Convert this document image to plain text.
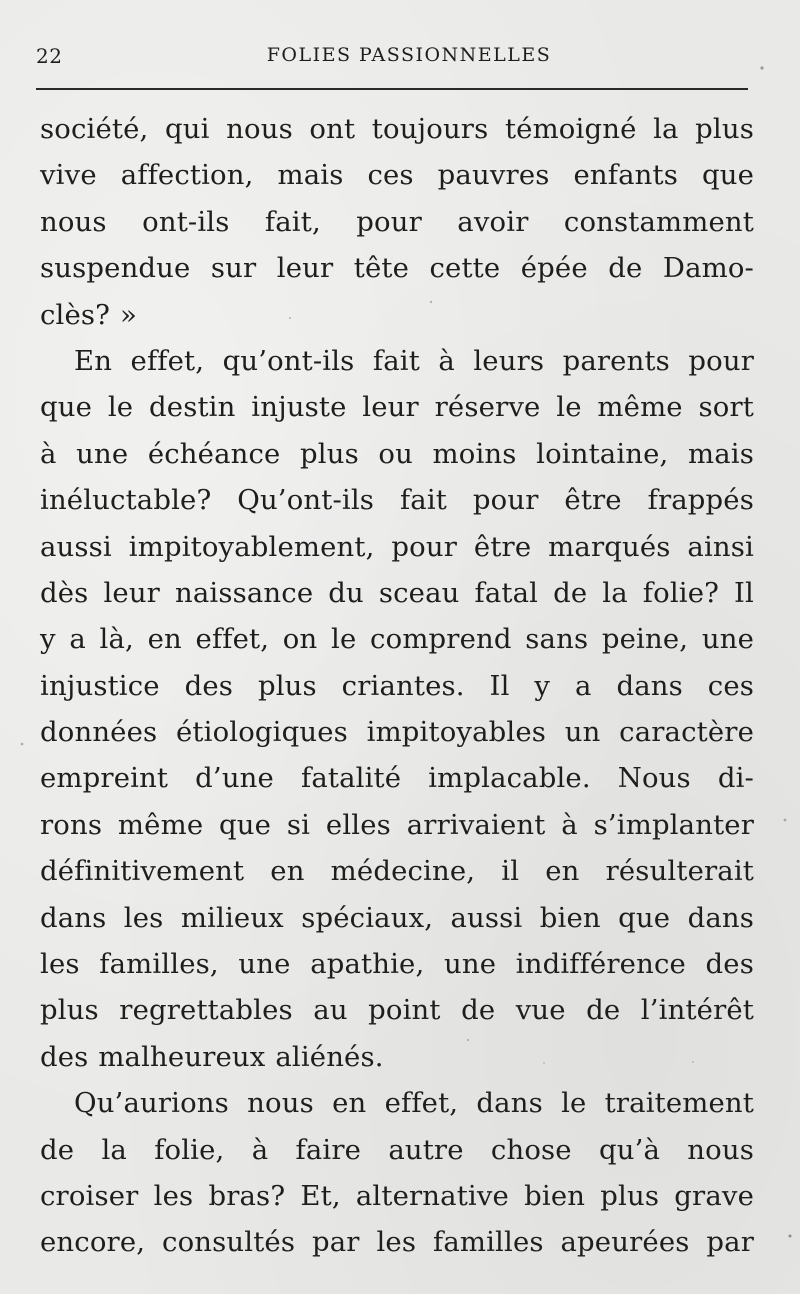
22	FOLIES PASSIONNELLES
société, qui nous ont toujours témoigné la plus
vive affection, mais ces pauvres enfants que
nous ont-ils fait, pour avoir constamment
suspendue sur leur tête cette épée de Damo-
clès? »
En effet, qu’ont-ils fait à leurs parents pour
que le destin injuste leur réserve le même sort
à une échéance plus ou moins lointaine, mais
inéluctable? Qu’ont-ils fait pour être frappés
aussi impitoyablement, pour être marqués ainsi
dès leur naissance du sceau fatal de la folie? Il
y a là, en effet, on le comprend sans peine, une
injustice des plus criantes. Il y a dans ces
données étiologiques impitoyables un caractère
empreint d’une fatalité implacable. Nous di-
rons même que si elles arrivaient à s’implanter
définitivement en médecine, il en résulterait
dans les milieux spéciaux, aussi bien que dans
les familles, une apathie, une indifférence des
plus regrettables au point de vue de l’intérêt
des malheureux aliénés.
Qu’aurions nous en effet, dans le traitement
de la folie, à faire autre chose qu’à nous
croiser les bras? Et, alternative bien plus grave
encore, consultés par les familles apeurées par
